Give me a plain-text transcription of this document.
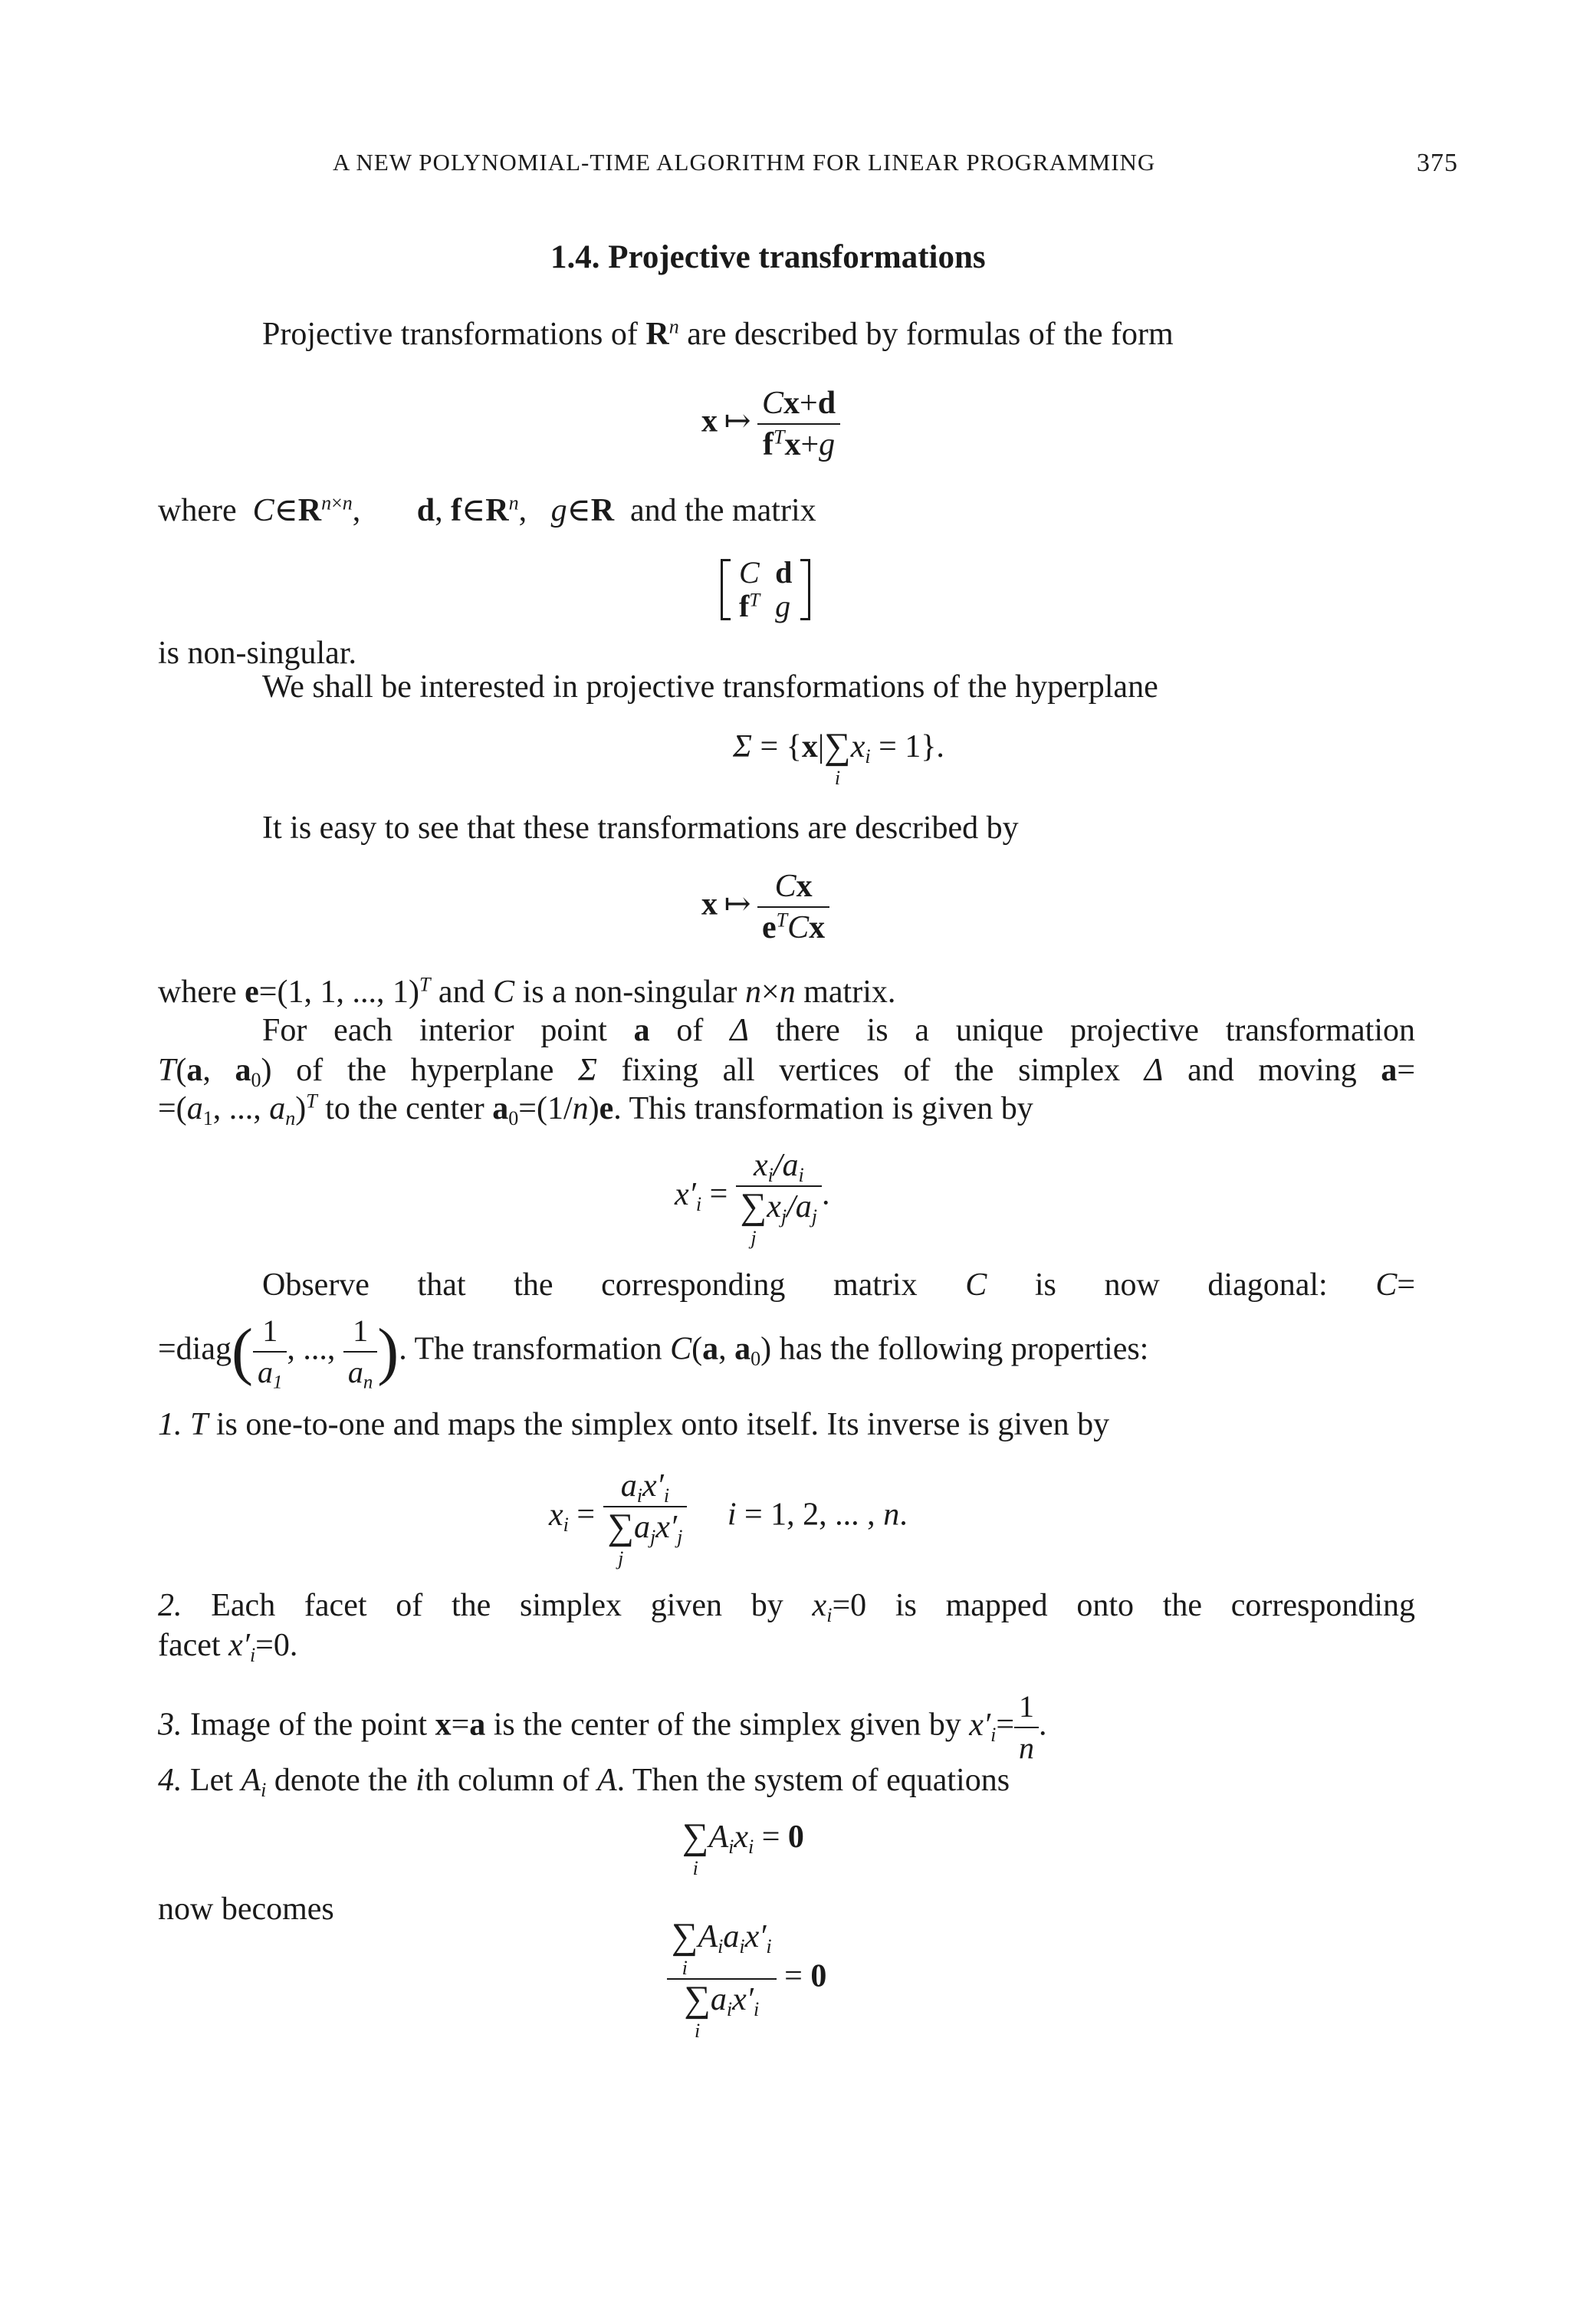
A NEW POLYNOMIAL-TIME ALGORITHM FOR LINEAR PROGRAMMING	375
1.4. Projective transformations
Projective transformations of $R^n$ are described by formulas of the form
x ↦  $\frac{Cx+d}{f^Tx+g}$
where $C\in R^{n\times n}$,       d, $f\in R^n$,   g∈R and the matrix
C	d
$f^T$	g
is non-singular.
We shall be interested in projective transformations of the hyperplane
Σ = {x|∑
i
$x_i = 1$}.
It is easy to see that these transformations are described by
x ↦  $\frac{Cx}{e^TCx}$
where e=(1, 1, ..., 1)$^T$ and C is a non-singular n×n matrix.
For each interior point a of Δ there is a unique projective transformation
T(a, $a_0$) of the hyperplane Σ fixing all vertices of the simplex Δ and moving a=
$=(a_1$, ..., $a_n)^T$ to the center $a_0=(1/n)e$. This transformation is given by
$x'_i = x_i/a_i$
∑
j
$x_j/a_j$ .
Observe that the corresponding matrix C is now diagonal: C=
=diag( $\frac{1}{a_1}$ , ..., $\frac{1}{a_n}$ ). The transformation C(a, $a_0$) has the following properties:
1. T is one-to-one and maps the simplex onto itself. Its inverse is given by
$x_i = a_ix'_i$
∑
j
$a_jx'_j$ i = 1, 2, ... , n.
2. Each facet of the simplex given by $x_i=0$ is mapped onto the corresponding
facet $x'_i=0$.
3. Image of the point x=a is the center of the simplex given by $x'_i= \frac{1}{n}$ .
4. Let $A_i$ denote the ith column of A. Then the system of equations
∑
i
$A_ix_i = 0$
now becomes
∑
i
$A_ia_ix'_i$
∑
i
$a_ix'_i = 0$
